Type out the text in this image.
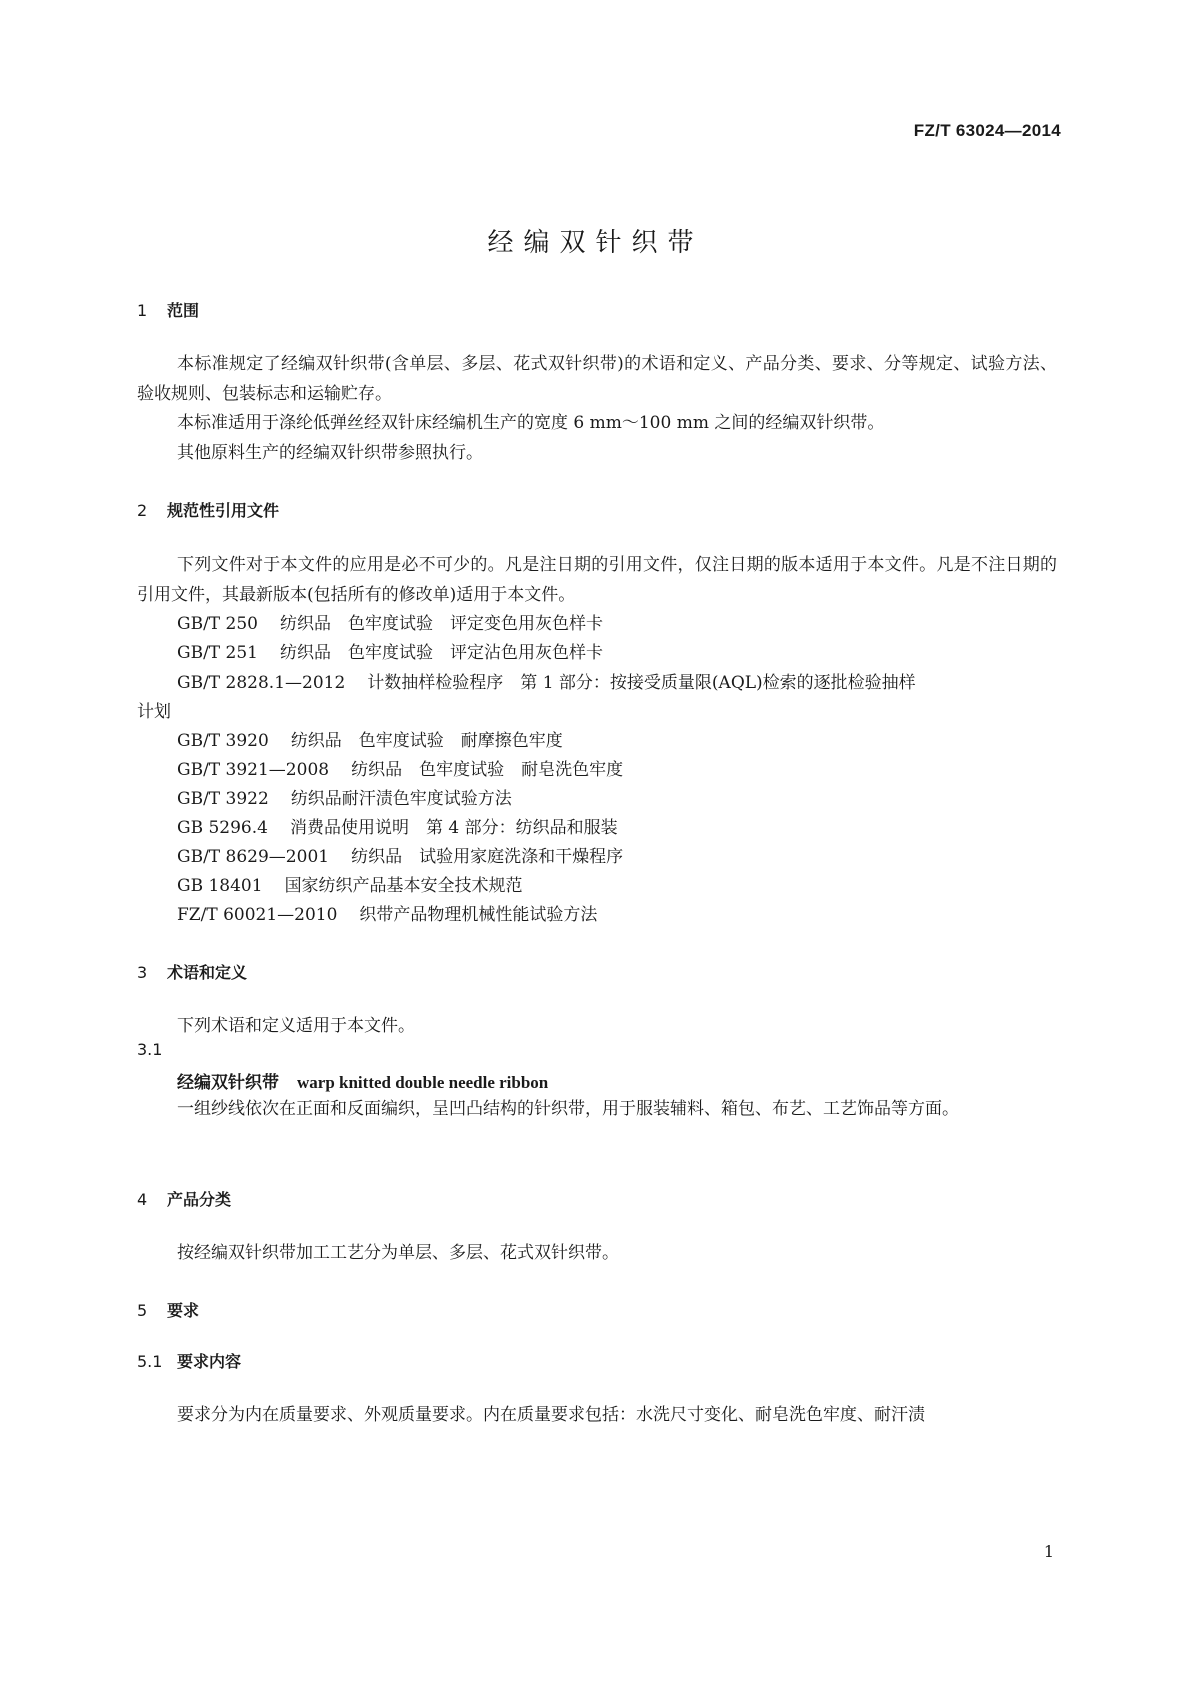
FZ/T 63024—2014
经编双针织带
1 范围
本标准规定了经编双针织带(含单层、多层、花式双针织带)的术语和定义、产品分类、要求、分等规定、试验方法、验收规则、包装标志和运输贮存。
本标准适用于涤纶低弹丝经双针床经编机生产的宽度 6 mm～100 mm 之间的经编双针织带。
其他原料生产的经编双针织带参照执行。
2 规范性引用文件
下列文件对于本文件的应用是必不可少的。凡是注日期的引用文件，仅注日期的版本适用于本文件。凡是不注日期的引用文件，其最新版本(包括所有的修改单)适用于本文件。
GB/T 250 纺织品　色牢度试验　评定变色用灰色样卡
GB/T 251 纺织品　色牢度试验　评定沾色用灰色样卡
GB/T 2828.1—2012 计数抽样检验程序　第 1 部分：按接受质量限(AQL)检索的逐批检验抽样
计划
GB/T 3920 纺织品　色牢度试验　耐摩擦色牢度
GB/T 3921—2008 纺织品　色牢度试验　耐皂洗色牢度
GB/T 3922 纺织品耐汗渍色牢度试验方法
GB 5296.4 消费品使用说明　第 4 部分：纺织品和服装
GB/T 8629—2001 纺织品　试验用家庭洗涤和干燥程序
GB 18401 国家纺织产品基本安全技术规范
FZ/T 60021—2010 织带产品物理机械性能试验方法
3 术语和定义
下列术语和定义适用于本文件。
3.1
经编双针织带 warp knitted double needle ribbon
一组纱线依次在正面和反面编织，呈凹凸结构的针织带，用于服装辅料、箱包、布艺、工艺饰品等方面。
4 产品分类
按经编双针织带加工工艺分为单层、多层、花式双针织带。
5 要求
5.1 要求内容
要求分为内在质量要求、外观质量要求。内在质量要求包括：水洗尺寸变化、耐皂洗色牢度、耐汗渍
1
